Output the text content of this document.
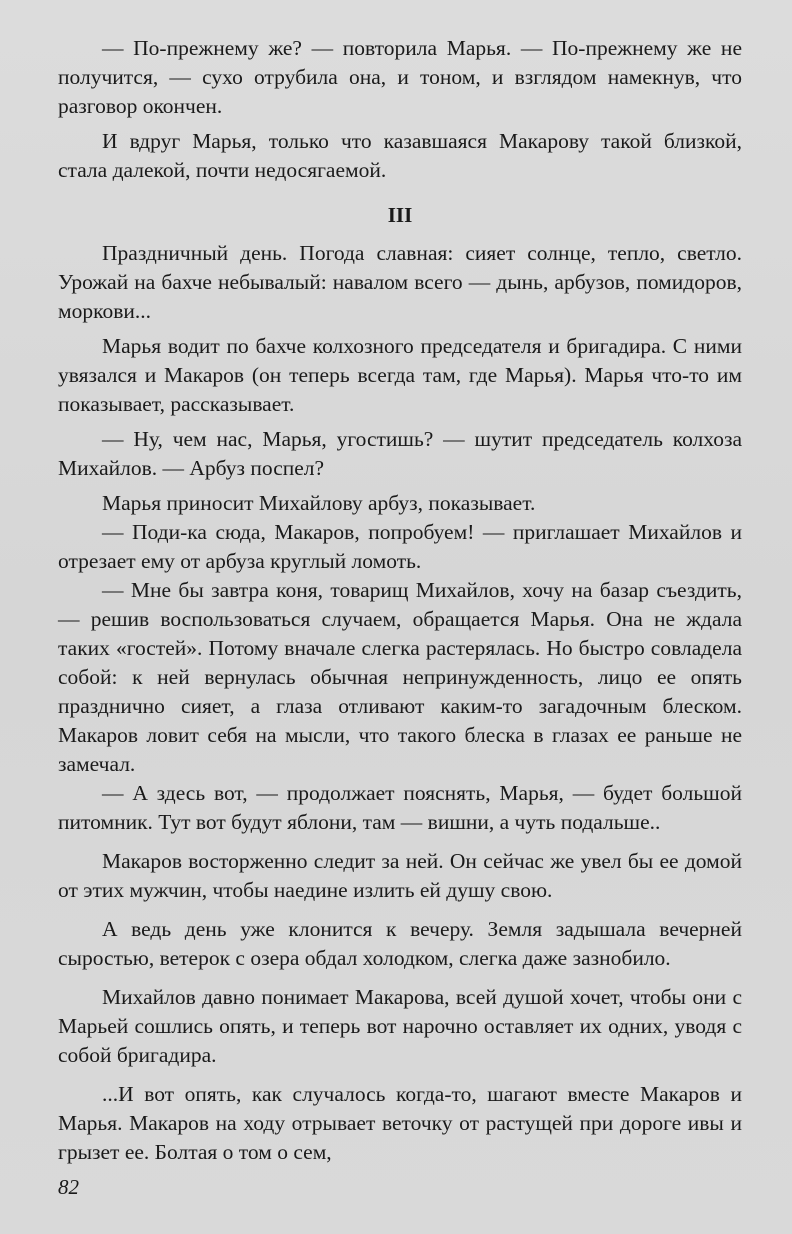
— По-прежнему же? — повторила Марья. — По-прежнему же не получится, — сухо отрубила она, и тоном, и взглядом намекнув, что разговор окончен.

И вдруг Марья, только что казавшаяся Макарову такой близкой, стала далекой, почти недосягаемой.

III

Праздничный день. Погода славная: сияет солнце, тепло, светло. Урожай на бахче небывалый: навалом всего — дынь, арбузов, помидоров, моркови...

Марья водит по бахче колхозного председателя и бригадира. С ними увязался и Макаров (он теперь всегда там, где Марья). Марья что-то им показывает, рассказывает.

— Ну, чем нас, Марья, угостишь? — шутит председатель колхоза Михайлов. — Арбуз поспел?

Марья приносит Михайлову арбуз, показывает.

— Поди-ка сюда, Макаров, попробуем! — приглашает Михайлов и отрезает ему от арбуза круглый ломоть.

— Мне бы завтра коня, товарищ Михайлов, хочу на базар съездить, — решив воспользоваться случаем, обращается Марья. Она не ждала таких «гостей». Потому вначале слегка растерялась. Но быстро совладела собой: к ней вернулась обычная непринужденность, лицо ее опять празднично сияет, а глаза отливают каким-то загадочным блеском. Макаров ловит себя на мысли, что такого блеска в глазах ее раньше не замечал.

— А здесь вот, — продолжает пояснять, Марья, — будет большой питомник. Тут вот будут яблони, там — вишни, а чуть подальше..

Макаров восторженно следит за ней. Он сейчас же увел бы ее домой от этих мужчин, чтобы наедине излить ей душу свою.

А ведь день уже клонится к вечеру. Земля задышала вечерней сыростью, ветерок с озера обдал холодком, слегка даже зазнобило.

Михайлов давно понимает Макарова, всей душой хочет, чтобы они с Марьей сошлись опять, и теперь вот нарочно оставляет их одних, уводя с собой бригадира.

...И вот опять, как случалось когда-то, шагают вместе Макаров и Марья. Макаров на ходу отрывает веточку от растущей при дороге ивы и грызет ее. Болтая о том о сем,

82
